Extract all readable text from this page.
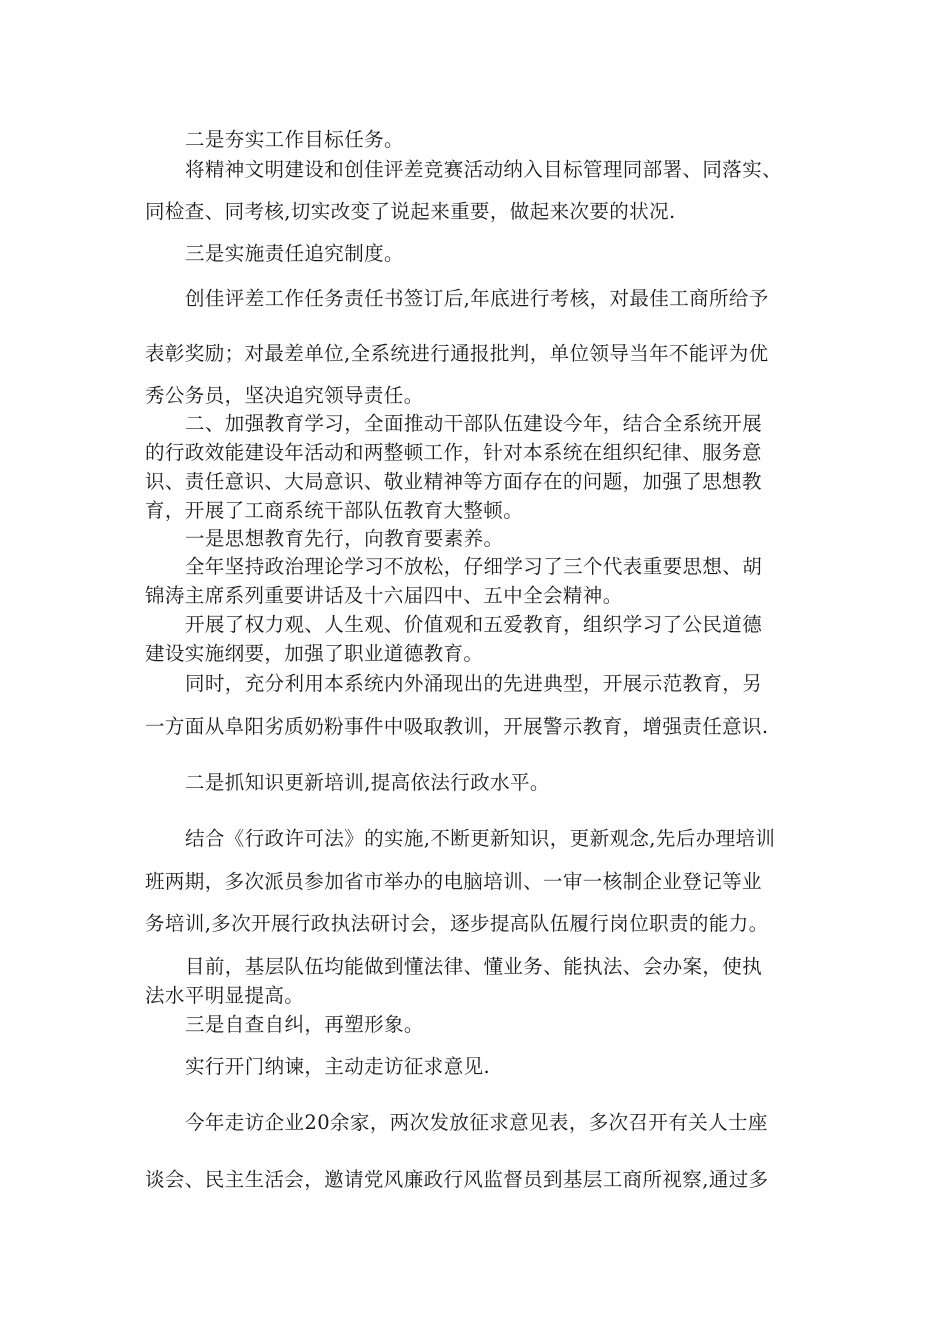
二是夯实工作目标任务。

将精神文明建设和创佳评差竞赛活动纳入目标管理同部署、同落实、

同检查、同考核,切实改变了说起来重要，做起来次要的状况.

三是实施责任追究制度。

创佳评差工作任务责任书签订后,年底进行考核，对最佳工商所给予

表彰奖励；对最差单位,全系统进行通报批判，单位领导当年不能评为优

秀公务员，坚决追究领导责任。

二、加强教育学习，全面推动干部队伍建设今年，结合全系统开展

的行政效能建设年活动和两整顿工作，针对本系统在组织纪律、服务意

识、责任意识、大局意识、敬业精神等方面存在的问题，加强了思想教

育，开展了工商系统干部队伍教育大整顿。

一是思想教育先行，向教育要素养。

全年坚持政治理论学习不放松，仔细学习了三个代表重要思想、胡

锦涛主席系列重要讲话及十六届四中、五中全会精神。

开展了权力观、人生观、价值观和五爱教育，组织学习了公民道德

建设实施纲要，加强了职业道德教育。

同时，充分利用本系统内外涌现出的先进典型，开展示范教育，另

一方面从阜阳劣质奶粉事件中吸取教训，开展警示教育，增强责任意识.

二是抓知识更新培训,提高依法行政水平。

结合《行政许可法》的实施,不断更新知识，更新观念,先后办理培训

班两期，多次派员参加省市举办的电脑培训、一审一核制企业登记等业

务培训,多次开展行政执法研讨会，逐步提高队伍履行岗位职责的能力。

目前，基层队伍均能做到懂法律、懂业务、能执法、会办案，使执

法水平明显提高。

三是自查自纠，再塑形象。

实行开门纳谏，主动走访征求意见.

今年走访企业20余家，两次发放征求意见表，多次召开有关人士座

谈会、民主生活会，邀请党风廉政行风监督员到基层工商所视察,通过多
